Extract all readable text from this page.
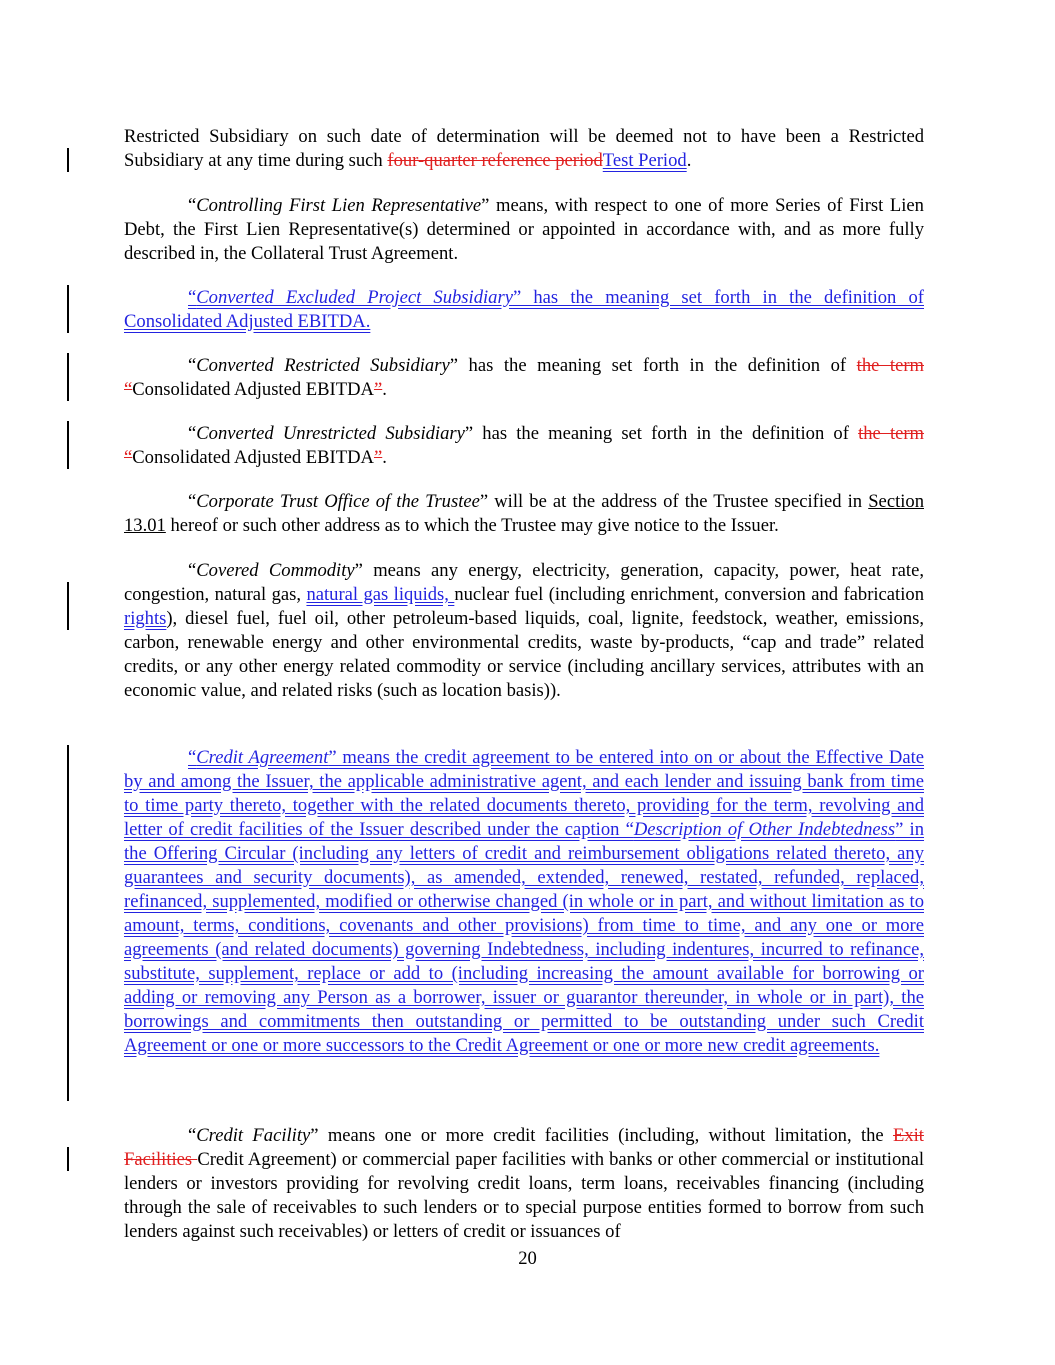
Restricted Subsidiary on such date of determination will be deemed not to have been a Restricted Subsidiary at any time during such four-quarter reference periodTest Period.

“Controlling First Lien Representative” means, with respect to one of more Series of First Lien Debt, the First Lien Representative(s) determined or appointed in accordance with, and as more fully described in, the Collateral Trust Agreement.

“Converted Excluded Project Subsidiary” has the meaning set forth in the definition of Consolidated Adjusted EBITDA.

“Converted Restricted Subsidiary” has the meaning set forth in the definition of the term “Consolidated Adjusted EBITDA”.

“Converted Unrestricted Subsidiary” has the meaning set forth in the definition of the term “Consolidated Adjusted EBITDA”.

“Corporate Trust Office of the Trustee” will be at the address of the Trustee specified in Section 13.01 hereof or such other address as to which the Trustee may give notice to the Issuer.

“Covered Commodity” means any energy, electricity, generation, capacity, power, heat rate, congestion, natural gas, natural gas liquids, nuclear fuel (including enrichment, conversion and fabrication rights), diesel fuel, fuel oil, other petroleum-based liquids, coal, lignite, feedstock, weather, emissions, carbon, renewable energy and other environmental credits, waste by-products, “cap and trade” related credits, or any other energy related commodity or service (including ancillary services, attributes with an economic value, and related risks (such as location basis)).

“Credit Agreement” means the credit agreement to be entered into on or about the Effective Date by and among the Issuer, the applicable administrative agent, and each lender and issuing bank from time to time party thereto, together with the related documents thereto, providing for the term, revolving and letter of credit facilities of the Issuer described under the caption “Description of Other Indebtedness” in the Offering Circular (including any letters of credit and reimbursement obligations related thereto, any guarantees and security documents), as amended, extended, renewed, restated, refunded, replaced, refinanced, supplemented, modified or otherwise changed (in whole or in part, and without limitation as to amount, terms, conditions, covenants and other provisions) from time to time, and any one or more agreements (and related documents) governing Indebtedness, including indentures, incurred to refinance, substitute, supplement, replace or add to (including increasing the amount available for borrowing or adding or removing any Person as a borrower, issuer or guarantor thereunder, in whole or in part), the borrowings and commitments then outstanding or permitted to be outstanding under such Credit Agreement or one or more successors to the Credit Agreement or one or more new credit agreements.

“Credit Facility” means one or more credit facilities (including, without limitation, the Exit Facilities Credit Agreement) or commercial paper facilities with banks or other commercial or institutional lenders or investors providing for revolving credit loans, term loans, receivables financing (including through the sale of receivables to such lenders or to special purpose entities formed to borrow from such lenders against such receivables) or letters of credit or issuances of

20
